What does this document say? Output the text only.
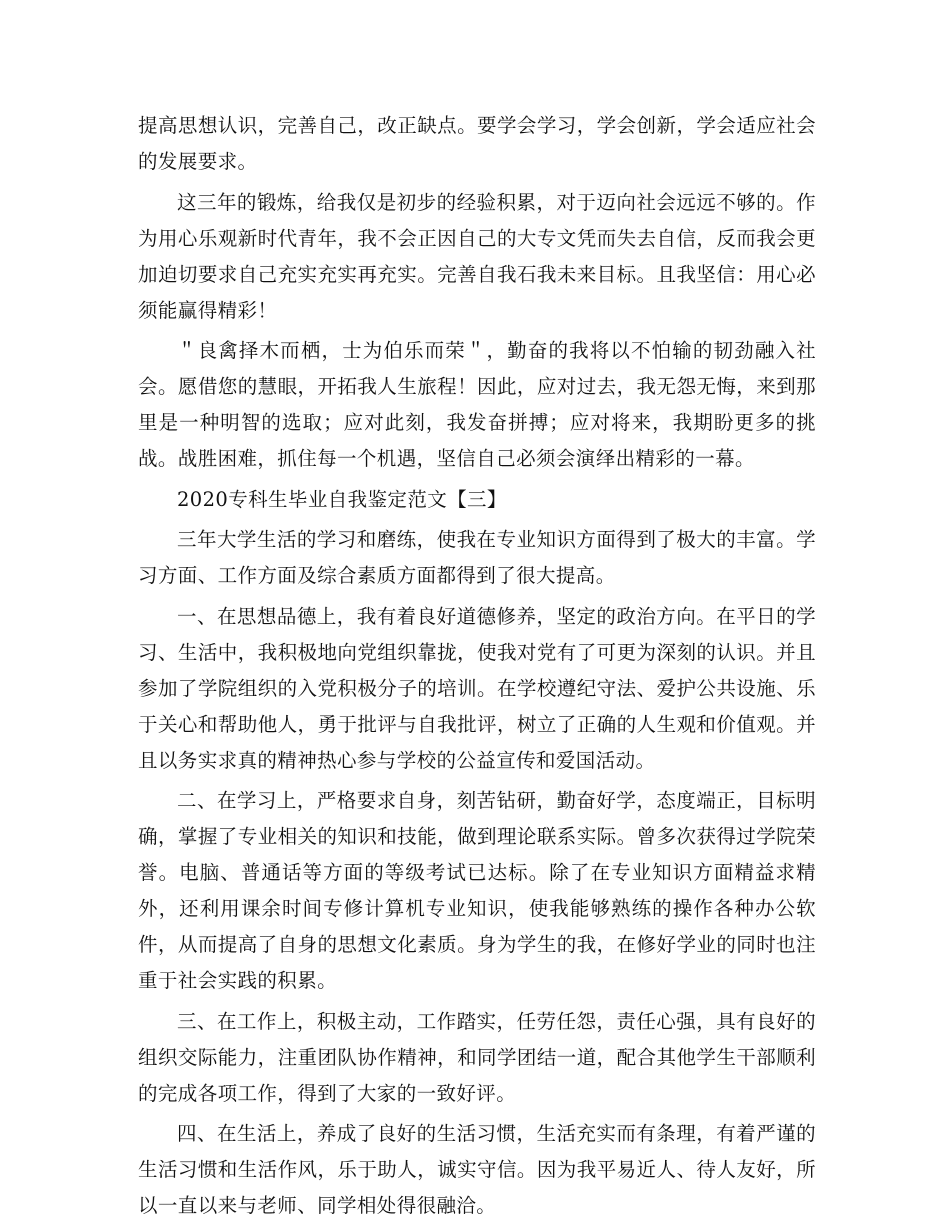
提高思想认识，完善自己，改正缺点。要学会学习，学会创新，学会适应社会的发展要求。

这三年的锻炼，给我仅是初步的经验积累，对于迈向社会远远不够的。作为用心乐观新时代青年，我不会正因自己的大专文凭而失去自信，反而我会更加迫切要求自己充实充实再充实。完善自我石我未来目标。且我坚信：用心必须能赢得精彩！

＂良禽择木而栖，士为伯乐而荣＂，勤奋的我将以不怕输的韧劲融入社会。愿借您的慧眼，开拓我人生旅程！因此，应对过去，我无怨无悔，来到那里是一种明智的选取；应对此刻，我发奋拼搏；应对将来，我期盼更多的挑战。战胜困难，抓住每一个机遇，坚信自己必须会演绎出精彩的一幕。

2020专科生毕业自我鉴定范文【三】

三年大学生活的学习和磨练，使我在专业知识方面得到了极大的丰富。学习方面、工作方面及综合素质方面都得到了很大提高。

一、在思想品德上，我有着良好道德修养，坚定的政治方向。在平日的学习、生活中，我积极地向党组织靠拢，使我对党有了可更为深刻的认识。并且参加了学院组织的入党积极分子的培训。在学校遵纪守法、爱护公共设施、乐于关心和帮助他人，勇于批评与自我批评，树立了正确的人生观和价值观。并且以务实求真的精神热心参与学校的公益宣传和爱国活动。

二、在学习上，严格要求自身，刻苦钻研，勤奋好学，态度端正，目标明确，掌握了专业相关的知识和技能，做到理论联系实际。曾多次获得过学院荣誉。电脑、普通话等方面的等级考试已达标。除了在专业知识方面精益求精外，还利用课余时间专修计算机专业知识，使我能够熟练的操作各种办公软件，从而提高了自身的思想文化素质。身为学生的我，在修好学业的同时也注重于社会实践的积累。

三、在工作上，积极主动，工作踏实，任劳任怨，责任心强，具有良好的组织交际能力，注重团队协作精神，和同学团结一道，配合其他学生干部顺利的完成各项工作，得到了大家的一致好评。

四、在生活上，养成了良好的生活习惯，生活充实而有条理，有着严谨的生活习惯和生活作风，乐于助人，诚实守信。因为我平易近人、待人友好，所以一直以来与老师、同学相处得很融洽。
